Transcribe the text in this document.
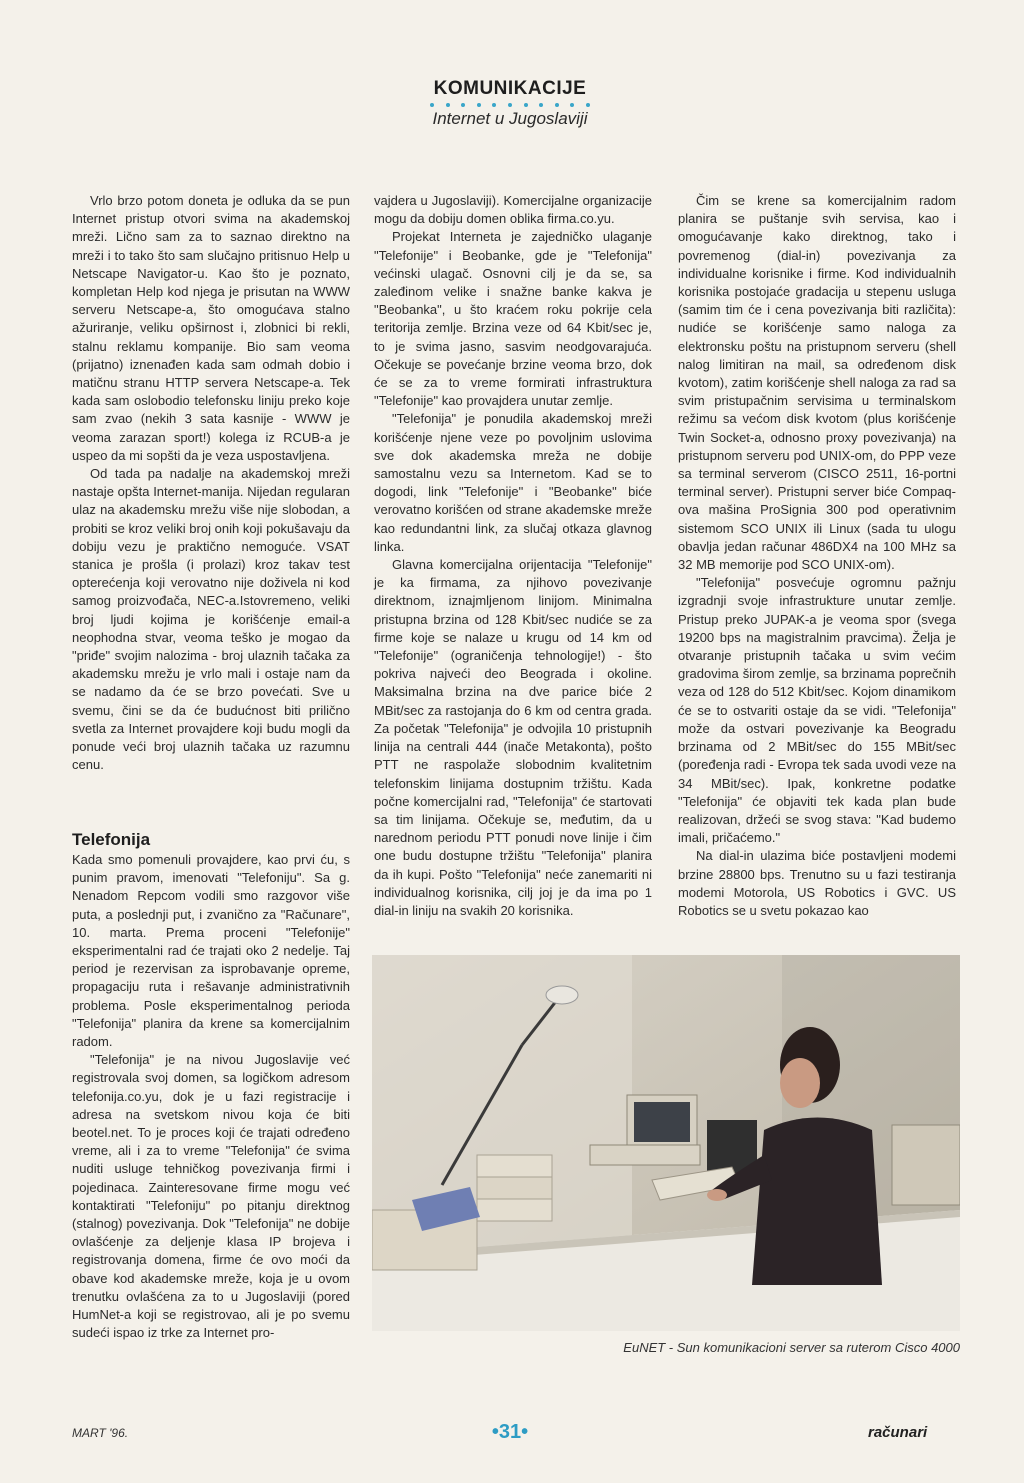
KOMUNIKACIJE
Internet u Jugoslaviji

Vrlo brzo potom doneta je odluka da se pun Internet pristup otvori svima na akademskoj mreži. Lično sam za to saznao direktno na mreži i to tako što sam slučajno pritisnuo Help u Netscape Navigator-u. Kao što je poznato, kompletan Help kod njega je prisutan na WWW serveru Netscape-a, što omogućava stalno ažuriranje, veliku opširnost i, zlobnici bi rekli, stalnu reklamu kompanije. Bio sam veoma (prijatno) iznenađen kada sam odmah dobio i matičnu stranu HTTP servera Netscape-a. Tek kada sam oslobodio telefonsku liniju preko koje sam zvao (nekih 3 sata kasnije - WWW je veoma zarazan sport!) kolega iz RCUB-a je uspeo da mi sopšti da je veza uspostavljena.

Od tada pa nadalje na akademskoj mreži nastaje opšta Internet-manija. Nijedan regularan ulaz na akademsku mrežu više nije slobodan, a probiti se kroz veliki broj onih koji pokušavaju da dobiju vezu je praktično nemoguće. VSAT stanica je prošla (i prolazi) kroz takav test opterećenja koji verovatno nije doživela ni kod samog proizvođača, NEC-a.Istovremeno, veliki broj ljudi kojima je korišćenje email-a neophodna stvar, veoma teško je mogao da "priđe" svojim nalozima - broj ulaznih tačaka za akademsku mrežu je vrlo mali i ostaje nam da se nadamo da će se brzo povećati. Sve u svemu, čini se da će budućnost biti prilično svetla za Internet provajdere koji budu mogli da ponude veći broj ulaznih tačaka uz razumnu cenu.

Telefonija

Kada smo pomenuli provajdere, kao prvi ću, s punim pravom, imenovati "Telefoniju". Sa g. Nenadom Repcom vodili smo razgovor više puta, a poslednji put, i zvanično za "Računare", 10. marta. Prema proceni "Telefonije" eksperimentalni rad će trajati oko 2 nedelje. Taj period je rezervisan za isprobavanje opreme, propagaciju ruta i rešavanje administrativnih problema. Posle eksperimentalnog perioda "Telefonija" planira da krene sa komercijalnim radom.

"Telefonija" je na nivou Jugoslavije već registrovala svoj domen, sa logičkom adresom telefonija.co.yu, dok je u fazi registracije i adresa na svetskom nivou koja će biti beotel.net. To je proces koji će trajati određeno vreme, ali i za to vreme "Telefonija" će svima nuditi usluge tehničkog povezivanja firmi i pojedinaca. Zainteresovane firme mogu već kontaktirati "Telefoniju" po pitanju direktnog (stalnog) povezivanja. Dok "Telefonija" ne dobije ovlašćenje za deljenje klasa IP brojeva i registrovanja domena, firme će ovo moći da obave kod akademske mreže, koja je u ovom trenutku ovlašćena za to u Jugoslaviji (pored HumNet-a koji se registrovao, ali je po svemu sudeći ispao iz trke za Internet pro-

vajdera u Jugoslaviji). Komercijalne organizacije mogu da dobiju domen oblika firma.co.yu.

Projekat Interneta je zajedničko ulaganje "Telefonije" i Beobanke, gde je "Telefonija" većinski ulagač. Osnovni cilj je da se, sa zaleđinom velike i snažne banke kakva je "Beobanka", u što kraćem roku pokrije cela teritorija zemlje. Brzina veze od 64 Kbit/sec je, to je svima jasno, sasvim neodgovarajuća. Očekuje se povećanje brzine veoma brzo, dok će se za to vreme formirati infrastruktura "Telefonije" kao provajdera unutar zemlje.

"Telefonija" je ponudila akademskoj mreži korišćenje njene veze po povoljnim uslovima sve dok akademska mreža ne dobije samostalnu vezu sa Internetom. Kad se to dogodi, link "Telefonije" i "Beobanke" biće verovatno korišćen od strane akademske mreže kao redundantni link, za slučaj otkaza glavnog linka.

Glavna komercijalna orijentacija "Telefonije" je ka firmama, za njihovo povezivanje direktnom, iznajmljenom linijom. Minimalna pristupna brzina od 128 Kbit/sec nudiće se za firme koje se nalaze u krugu od 14 km od "Telefonije" (ograničenja tehnologije!) - što pokriva najveći deo Beograda i okoline. Maksimalna brzina na dve parice biće 2 MBit/sec za rastojanja do 6 km od centra grada. Za početak "Telefonija" je odvojila 10 pristupnih linija na centrali 444 (inače Metakonta), pošto PTT ne raspolaže slobodnim kvalitetnim telefonskim linijama dostupnim tržištu. Kada počne komercijalni rad, "Telefonija" će startovati sa tim linijama. Očekuje se, međutim, da u narednom periodu PTT ponudi nove linije i čim one budu dostupne tržištu "Telefonija" planira da ih kupi. Pošto "Telefonija" neće zanemariti ni individualnog korisnika, cilj joj je da ima po 1 dial-in liniju na svakih 20 korisnika.

Čim se krene sa komercijalnim radom planira se puštanje svih servisa, kao i omogućavanje kako direktnog, tako i povremenog (dial-in) povezivanja za individualne korisnike i firme. Kod individualnih korisnika postojaće gradacija u stepenu usluga (samim tim će i cena povezivanja biti različita): nudiće se korišćenje samo naloga za elektronsku poštu na pristupnom serveru (shell nalog limitiran na mail, sa određenom disk kvotom), zatim korišćenje shell naloga za rad sa svim pristupačnim servisima u terminalskom režimu sa većom disk kvotom (plus korišćenje Twin Socket-a, odnosno proxy povezivanja) na pristupnom serveru pod UNIX-om, do PPP veze sa terminal serverom (CISCO 2511, 16-portni terminal server). Pristupni server biće Compaq-ova mašina ProSignia 300 pod operativnim sistemom SCO UNIX ili Linux (sada tu ulogu obavlja jedan računar 486DX4 na 100 MHz sa 32 MB memorije pod SCO UNIX-om).

"Telefonija" posvećuje ogromnu pažnju izgradnji svoje infrastrukture unutar zemlje. Pristup preko JUPAK-a je veoma spor (svega 19200 bps na magistralnim pravcima). Želja je otvaranje pristupnih tačaka u svim većim gradovima širom zemlje, sa brzinama poprečnih veza od 128 do 512 Kbit/sec. Kojom dinamikom će se to ostvariti ostaje da se vidi. "Telefonija" može da ostvari povezivanje ka Beogradu brzinama od 2 MBit/sec do 155 MBit/sec (poređenja radi - Evropa tek sada uvodi veze na 34 MBit/sec). Ipak, konkretne podatke "Telefonija" će objaviti tek kada plan bude realizovan, držeći se svog stava: "Kad budemo imali, pričaćemo."

Na dial-in ulazima biće postavljeni modemi brzine 28800 bps. Trenutno su u fazi testiranja modemi Motorola, US Robotics i GVC. US Robotics se u svetu pokazao kao

EuNET - Sun komunikacioni server sa ruterom Cisco 4000
MART '96.	•31•	računari
